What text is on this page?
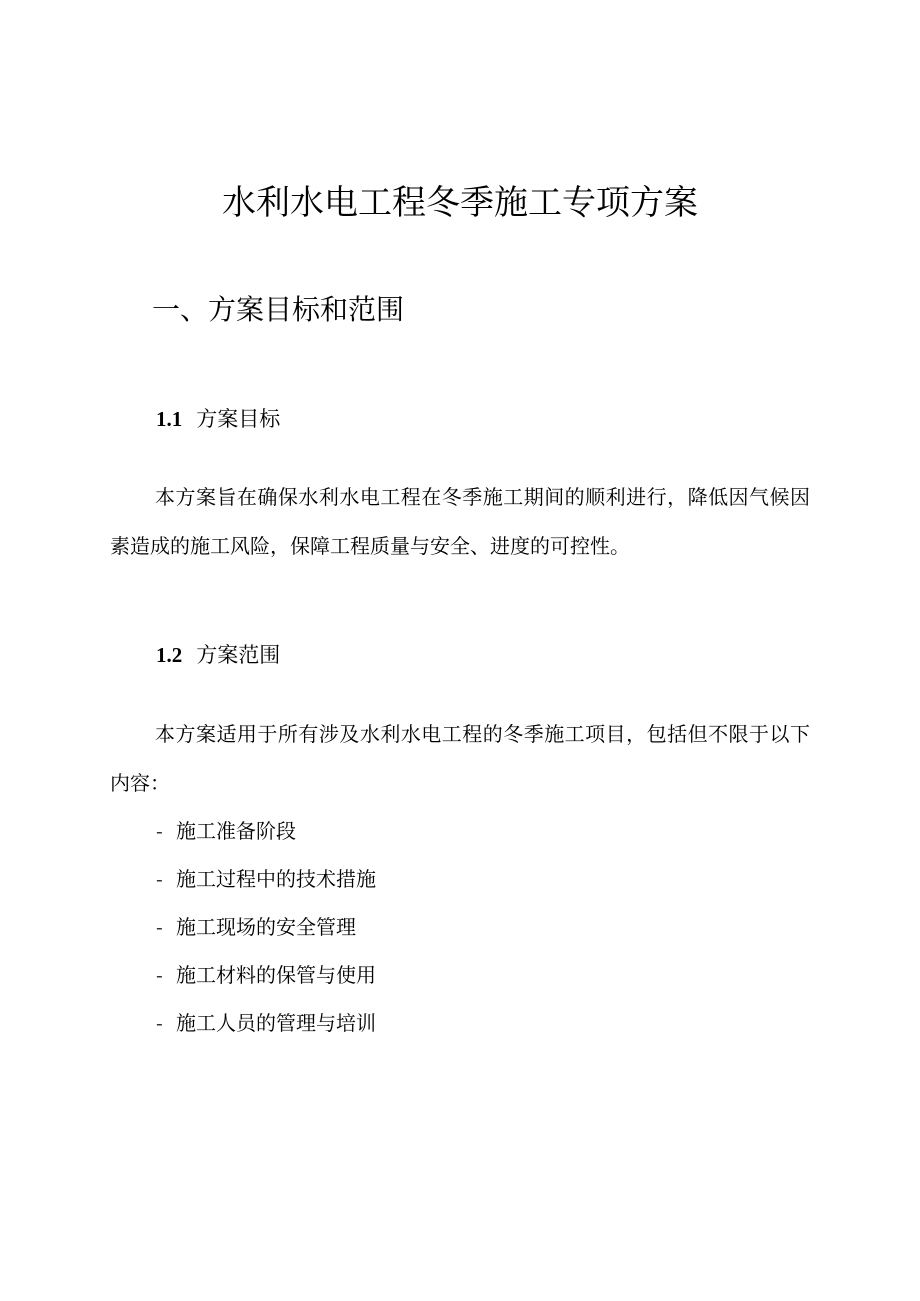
水利水电工程冬季施工专项方案
一、方案目标和范围
1.1 方案目标

本方案旨在确保水利水电工程在冬季施工期间的顺利进行，降低因气候因素造成的施工风险，保障工程质量与安全、进度的可控性。

1.2 方案范围

本方案适用于所有涉及水利水电工程的冬季施工项目，包括但不限于以下内容：

- 施工准备阶段
- 施工过程中的技术措施
- 施工现场的安全管理
- 施工材料的保管与使用
- 施工人员的管理与培训
